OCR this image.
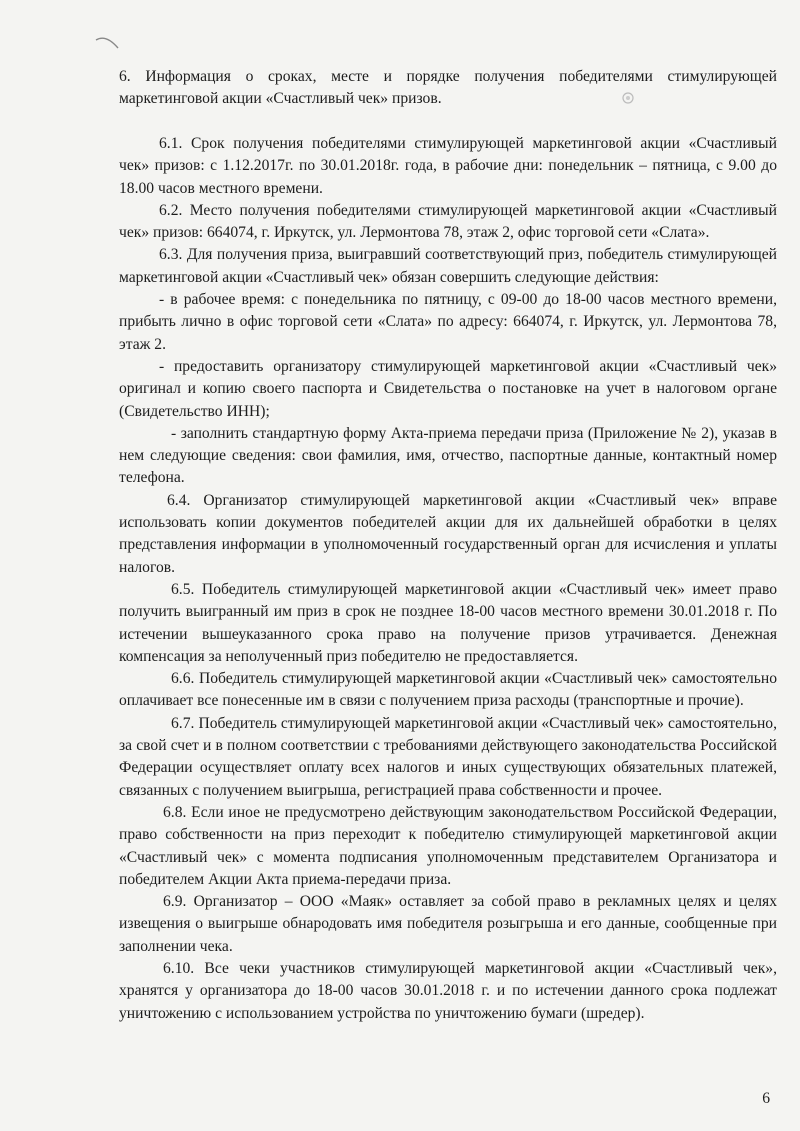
6. Информация о сроках, месте и порядке получения победителями стимулирующей маркетинговой акции «Счастливый чек» призов.

6.1. Срок получения победителями стимулирующей маркетинговой акции «Счастливый чек» призов: с 1.12.2017г. по 30.01.2018г. года, в рабочие дни: понедельник – пятница, с 9.00 до 18.00 часов местного времени.

6.2. Место получения победителями стимулирующей маркетинговой акции «Счастливый чек» призов: 664074, г. Иркутск, ул. Лермонтова 78, этаж 2, офис торговой сети «Слата».

6.3. Для получения приза, выигравший соответствующий приз, победитель стимулирующей маркетинговой акции «Счастливый чек» обязан совершить следующие действия:

- в рабочее время: с понедельника по пятницу, с 09-00 до 18-00 часов местного времени, прибыть лично в офис торговой сети «Слата» по адресу: 664074, г. Иркутск, ул. Лермонтова 78, этаж 2.

- предоставить организатору стимулирующей маркетинговой акции «Счастливый чек» оригинал и копию своего паспорта и Свидетельства о постановке на учет в налоговом органе (Свидетельство ИНН);

- заполнить стандартную форму Акта-приема передачи приза (Приложение № 2), указав в нем следующие сведения: свои фамилия, имя, отчество, паспортные данные, контактный номер телефона.

6.4. Организатор стимулирующей маркетинговой акции «Счастливый чек» вправе использовать копии документов победителей акции для их дальнейшей обработки в целях представления информации в уполномоченный государственный орган для исчисления и уплаты налогов.

6.5. Победитель стимулирующей маркетинговой акции «Счастливый чек» имеет право получить выигранный им приз в срок не позднее 18-00 часов местного времени 30.01.2018 г. По истечении вышеуказанного срока право на получение призов утрачивается. Денежная компенсация за неполученный приз победителю не предоставляется.

6.6. Победитель стимулирующей маркетинговой акции «Счастливый чек» самостоятельно оплачивает все понесенные им в связи с получением приза расходы (транспортные и прочие).

6.7. Победитель стимулирующей маркетинговой акции «Счастливый чек» самостоятельно, за свой счет и в полном соответствии с требованиями действующего законодательства Российской Федерации осуществляет оплату всех налогов и иных существующих обязательных платежей, связанных с получением выигрыша, регистрацией права собственности и прочее.

6.8. Если иное не предусмотрено действующим законодательством Российской Федерации, право собственности на приз переходит к победителю стимулирующей маркетинговой акции «Счастливый чек» с момента подписания уполномоченным представителем Организатора и победителем Акции Акта приема-передачи приза.

6.9. Организатор – ООО «Маяк» оставляет за собой право в рекламных целях и целях извещения о выигрыше обнародовать имя победителя розыгрыша и его данные, сообщенные при заполнении чека.

6.10. Все чеки участников стимулирующей маркетинговой акции «Счастливый чек», хранятся у организатора до 18-00 часов 30.01.2018 г. и по истечении данного срока подлежат уничтожению с использованием устройства по уничтожению бумаги (шредер).

6
